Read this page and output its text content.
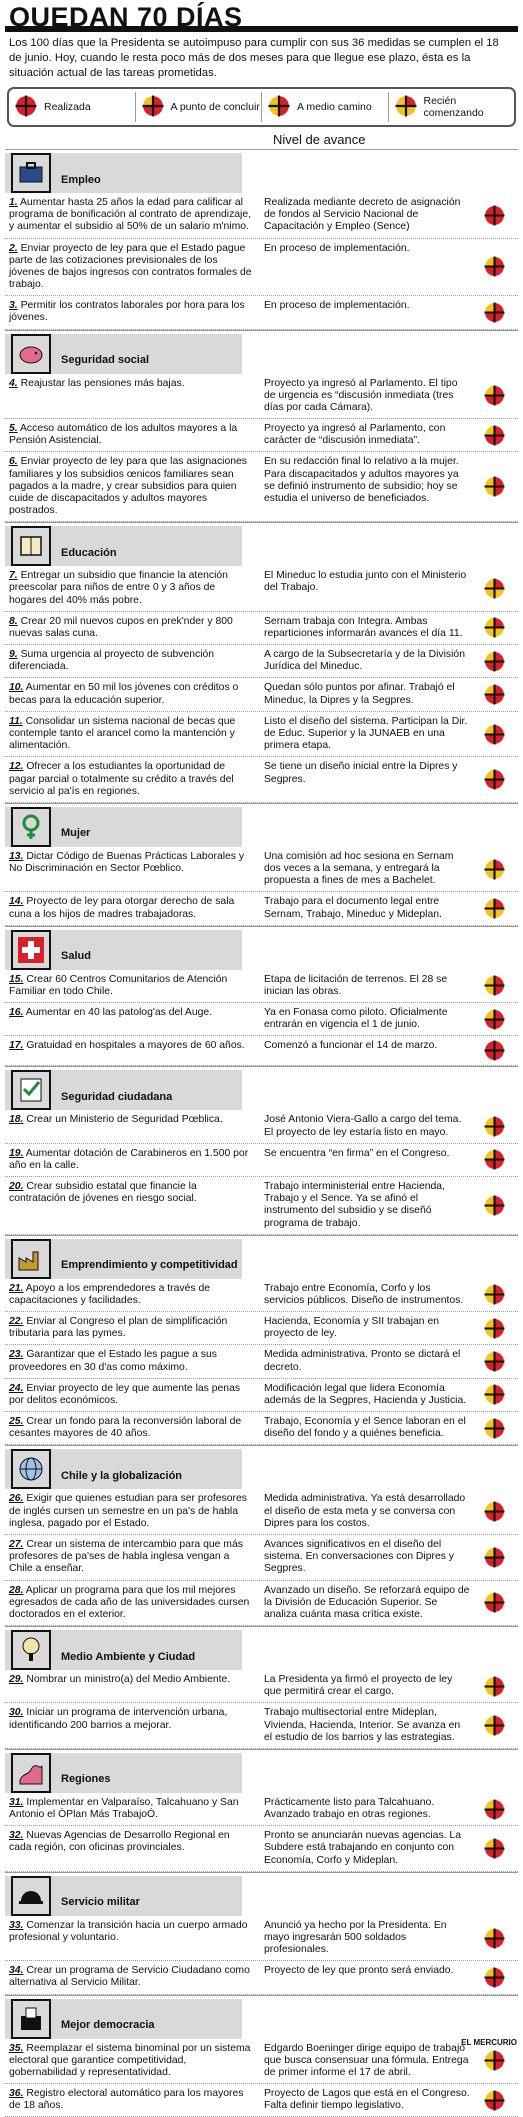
QUEDAN 70 DÍAS
Los 100 días que la Presidenta se autoimpuso para cumplir con sus 36 medidas se cumplen el 18 de junio. Hoy, cuando le resta poco más de dos meses para que llegue ese plazo, ésta es la situación actual de las tareas prometidas.
Realizada	A punto de concluir	A medio camino	Recién comenzando
Nivel de avance
Empleo
1. Aumentar hasta 25 años la edad para calificar al programa de bonificación al contrato de aprendizaje, y aumentar el subsidio al 50% de un salario m'nimo.
Realizada mediante decreto de asignación de fondos al Servicio Nacional de Capacitación y Empleo (Sence)
2. Enviar proyecto de ley para que el Estado pague parte de las cotizaciones previsionales de los jóvenes de bajos ingresos con contratos formales de trabajo.
En proceso de implementación.
3. Permitir los contratos laborales por hora para los jóvenes.
En proceso de implementación.
Seguridad social
4. Reajustar las pensiones más bajas.	Proyecto ya ingresó al Parlamento. El tipo de urgencia es “discusión inmediata (tres días por cada Cámara).
5. Acceso automático de los adultos mayores a la Pensión Asistencial.
Proyecto ya ingresó al Parlamento, con carácter de “discusión inmediata”.
6. Enviar proyecto de ley para que las asignaciones familiares y los subsidios œnicos familiares sean pagados a la madre, y crear subsidios para quien cuide de discapacitados y adultos mayores postrados.
En su redacción final lo relativo a la mujer. Para discapacitados y adultos mayores ya se definió instrumento de subsidio; hoy se estudia el universo de beneficiados.
Educación
7. Entregar un subsidio que financie la atención preescolar para niños de entre 0 y 3 años de hogares del 40% más pobre.
El Mineduc lo estudia junto con el Ministerio del Trabajo.
8. Crear 20 mil nuevos cupos en prek'nder y 800 nuevas salas cuna.
Sernam trabaja con Integra. Ambas reparticiones informarán avances el día 11.
9. Suma urgencia al proyecto de subvención diferenciada.
A cargo de la Subsecretaría y de la División Jurídica del Mineduc.
10. Aumentar en 50 mil los jóvenes con créditos o becas para la educación superior.
Quedan sólo puntos por afinar. Trabajó el Mineduc, la Dipres y la Segpres.
11. Consolidar un sistema nacional de becas que contemple tanto el arancel como la mantención y alimentación.
Listo el diseño del sistema. Participan la Dir. de Educ. Superior y la JUNAEB en una primera etapa.
12. Ofrecer a los estudiantes la oportunidad de pagar parcial o totalmente su crédito a través del servicio al pa'ís en regiones.
Se tiene un diseño inicial entre la Dipres y Segpres.
Mujer
13. Dictar Código de Buenas Prácticas Laborales y No Discriminación en Sector Pœblico.
Una comisión ad hoc sesiona en Sernam dos veces a la semana, y entregará la propuesta a fines de mes a Bachelet.
14. Proyecto de ley para otorgar derecho de sala cuna a los hijos de madres trabajadoras.
Trabajo para el documento legal entre Sernam, Trabajo, Mineduc y Mideplan.
Salud
15. Crear 60 Centros Comunitarios de Atención Familiar en todo Chile.
Etapa de licitación de terrenos. El 28 se inician las obras.
16. Aumentar en 40 las patolog'as del Auge.	Ya en Fonasa como piloto. Oficialmente entrarán en vigencia el 1 de junio.
17. Gratuidad en hospitales a mayores de 60 años.	Comenzó a funcionar el 14 de marzo.
Seguridad ciudadana
18. Crear un Ministerio de Seguridad Pœblica.	José Antonio Viera-Gallo a cargo del tema. El proyecto de ley estaría listo en mayo.
19. Aumentar dotación de Carabineros en 1.500 por año en la calle.
Se encuentra “en firma” en el Congreso.
20. Crear subsidio estatal que financie la contratación de jóvenes en riesgo social.
Trabajo interministerial entre Hacienda, Trabajo y el Sence. Ya se afinó el instrumento del subsidio y se diseñó programa de trabajo.
Emprendimiento y competitividad
21. Apoyo a los emprendedores a través de capacitaciones y facilidades.
Trabajo entre Economía, Corfo y los servicios públicos. Diseño de instrumentos.
22. Enviar al Congreso el plan de simplificación tributaria para las pymes.
Hacienda, Economía y SII trabajan en proyecto de ley.
23. Garantizar que el Estado les pague a sus proveedores en 30 d'as como máximo.
Medida administrativa. Pronto se dictará el decreto.
24. Enviar proyecto de ley que aumente las penas por delitos económicos.
Modificación legal que lidera Economía además de la Segpres, Hacienda y Justicia.
25. Crear un fondo para la reconversión laboral de cesantes mayores de 40 años.
Trabajo, Economía y el Sence laboran en el diseño del fondo y a quiénes beneficia.
Chile y la globalización
26. Exigir que quienes estudian para ser profesores de inglés cursen un semestre en un pa's de habla inglesa, pagado por el Estado.
Medida administrativa. Ya está desarrollado el diseño de esta meta y se conversa con Dipres para los costos.
27. Crear un sistema de intercambio para que más profesores de pa'ses de habla inglesa vengan a Chile a enseñar.
Avances significativos en el diseño del sistema. En conversaciones con Dipres y Segpres.
28. Aplicar un programa para que los mil mejores egresados de cada año de las universidades cursen doctorados en el exterior.
Avanzado un diseño. Se reforzará equipo de la División de Educación Superior. Se analiza cuánta masa crítica existe.
Medio Ambiente y Ciudad
29. Nombrar un ministro(a) del Medio Ambiente.	La Presidenta ya firmó el proyecto de ley que permitirá crear el cargo.
30. Iniciar un programa de intervención urbana, identificando 200 barrios a mejorar.
Trabajo multisectorial entre Mideplan, Vivienda, Hacienda, Interior. Se avanza en el estudio de los barrios y las estrategias.
Regiones
31. Implementar en Valparaíso, Talcahuano y San Antonio el ÒPlan Más TrabajoÓ.
Prácticamente listo para Talcahuano. Avanzado trabajo en otras regiones.
32. Nuevas Agencias de Desarrollo Regional en cada región, con oficinas provinciales.
Pronto se anunciarán nuevas agencias. La Subdere está trabajando en conjunto con Economía, Corfo y Mideplan.
Servicio militar
33. Comenzar la transición hacia un cuerpo armado profesional y voluntario.
Anunció ya hecho por la Presidenta. En mayo ingresarán 500 soldados profesionales.
34. Crear un programa de Servicio Ciudadano como alternativa al Servicio Militar.
Proyecto de ley que pronto será enviado.
Mejor democracia
35. Reemplazar el sistema binominal por un sistema electoral que garantice competitividad, gobernabilidad y representatividad.
Edgardo Boeninger dirige equipo de trabajo que busca consensuar una fórmula. Entrega de primer informe el 17 de abril.
36. Registro electoral automático para los mayores de 18 años.
Proyecto de Lagos que está en el Congreso. Falta definir tiempo legislativo.
EL MERCURIO
